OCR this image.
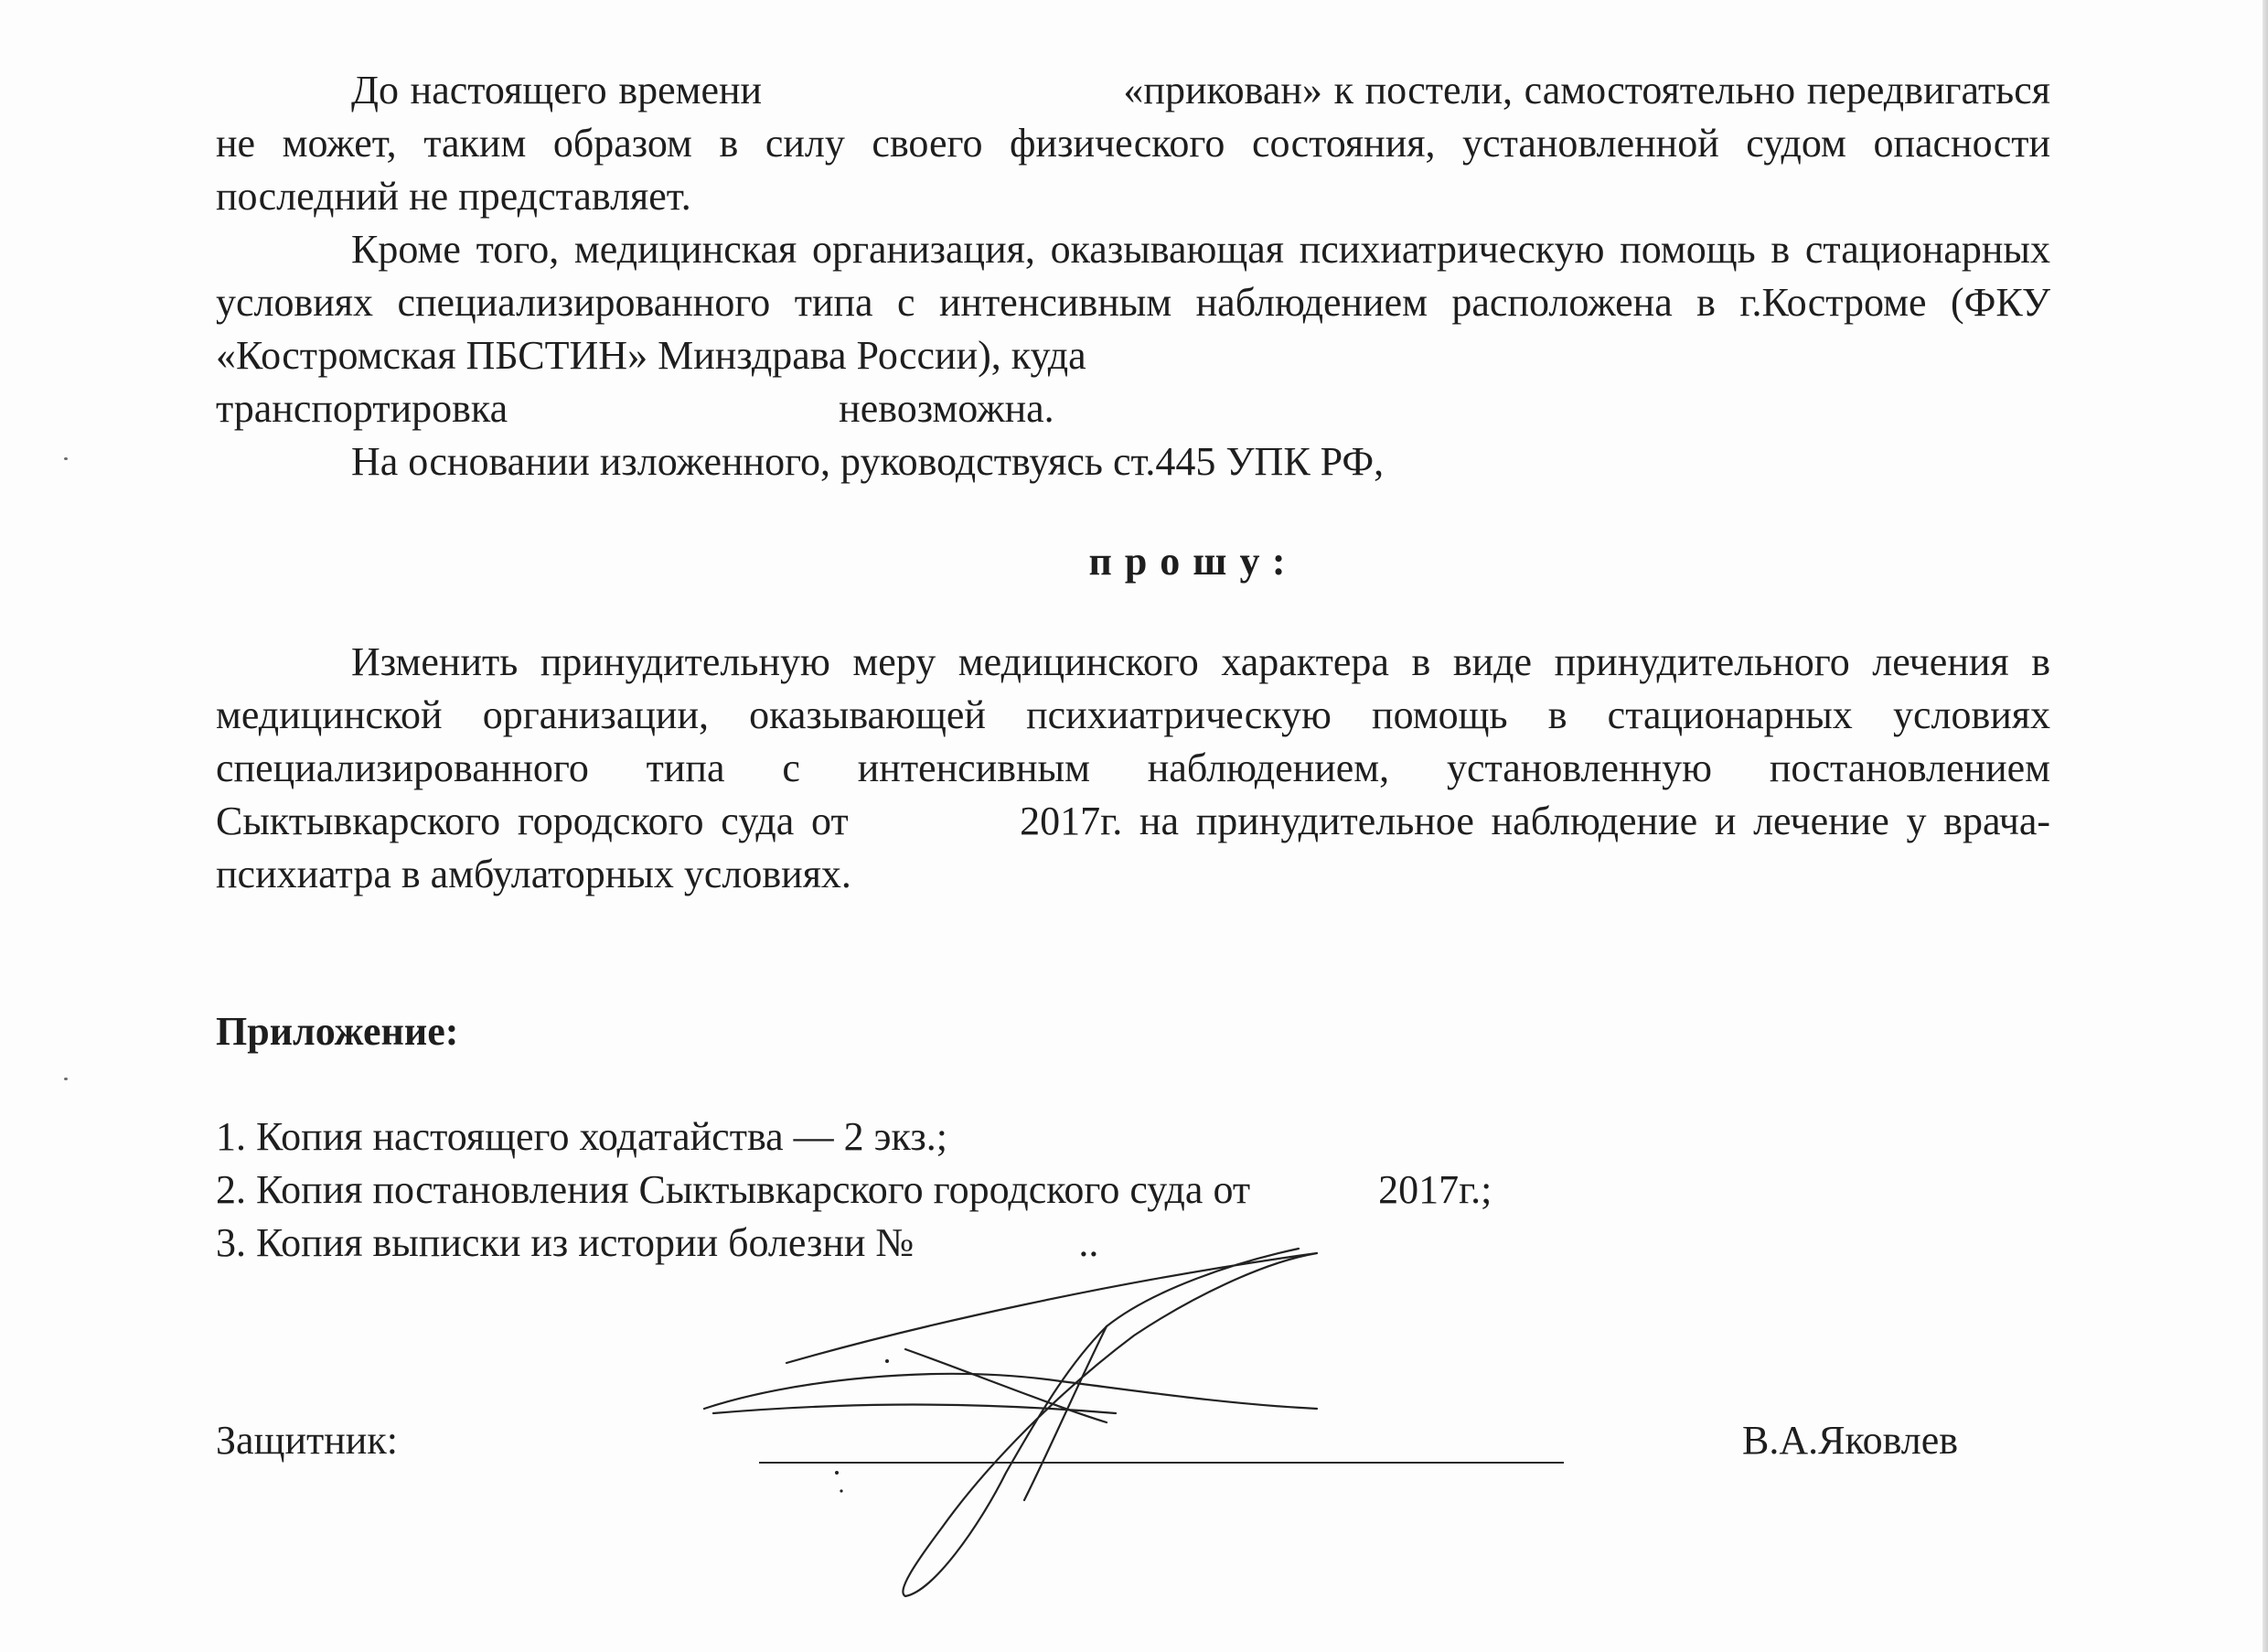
До настоящего времени	«прикован» к постели, самостоятельно передвигаться не может, таким образом в силу своего физического состояния, установленной судом опасности последний не представляет.

Кроме того, медицинская организация, оказывающая психиатрическую помощь в стационарных условиях специализированного типа с интенсивным наблюдением расположена в г.Костроме (ФКУ «Костромская ПБСТИН» Минздрава России), куда

транспортировка	невозможна.

На основании изложенного, руководствуясь ст.445 УПК РФ,

прошу:

Изменить принудительную меру медицинского характера в виде принудительного лечения в медицинской организации, оказывающей психиатрическую помощь в стационарных условиях специализированного типа с интенсивным наблюдением, установленную постановлением Сыктывкарского городского суда от	2017г. на принудительное наблюдение и лечение у врача-психиатра в амбулаторных условиях.

Приложение:

1. Копия настоящего ходатайства — 2 экз.;
2. Копия постановления Сыктывкарского городского суда от	2017г.;
3. Копия выписки из истории болезни №	..
Защитник:	В.А.Яковлев
